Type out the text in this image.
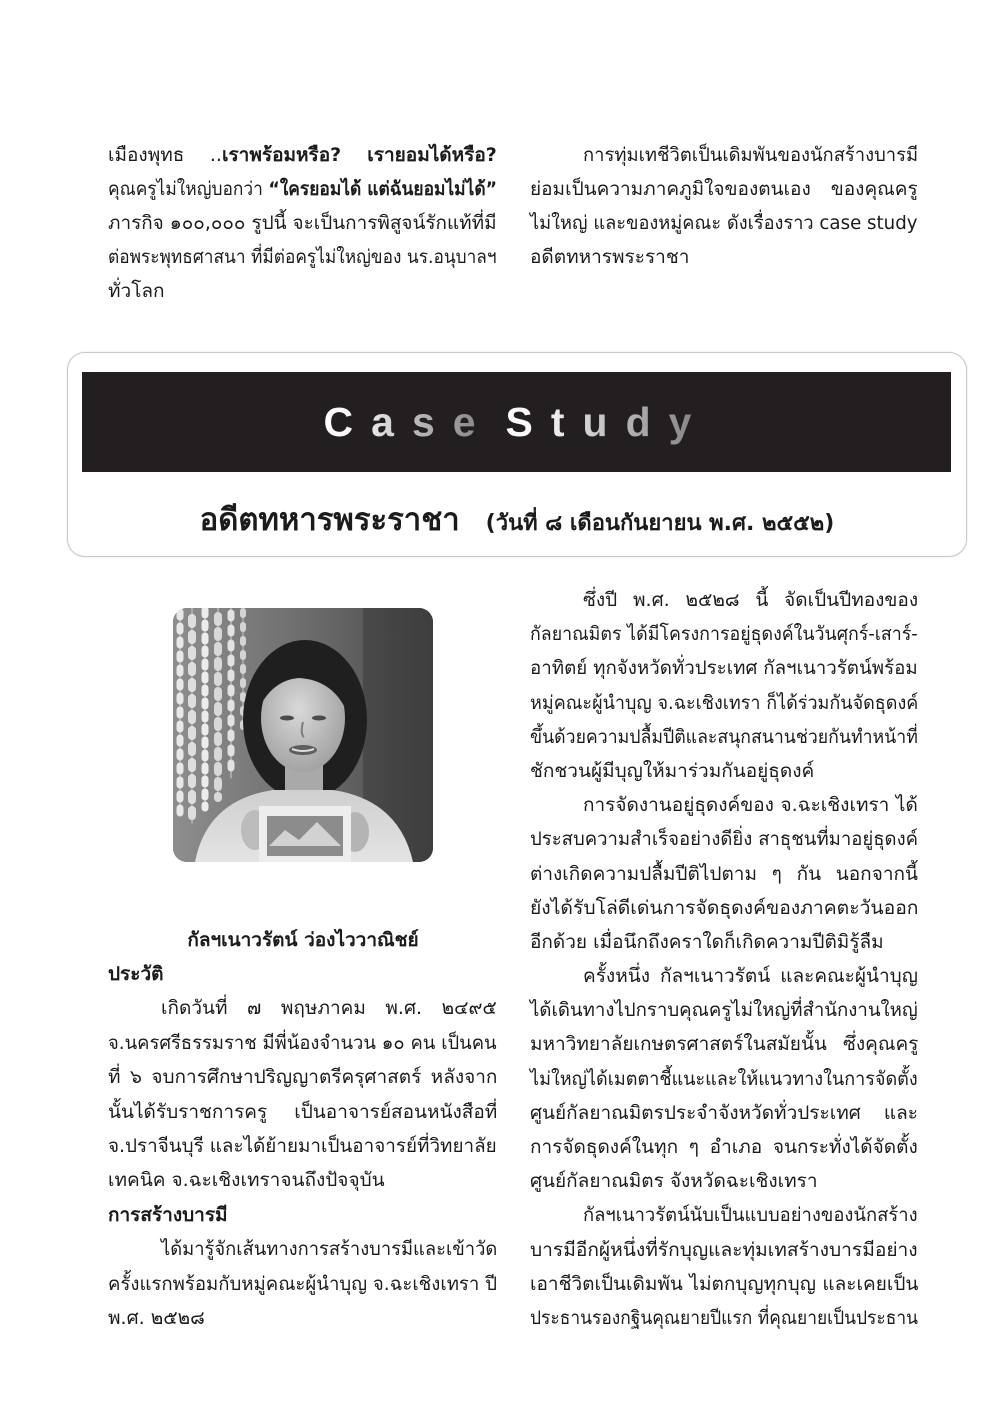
เมืองพุทธ ..เราพร้อมหรือ? เรายอมได้หรือ?
คุณครูไม่ใหญ่บอกว่า “ใครยอมได้ แต่ฉันยอมไม่ได้”
ภารกิจ ๑๐๐,๐๐๐ รูปนี้ จะเป็นการพิสูจน์รักแท้ที่มี
ต่อพระพุทธศาสนา ที่มีต่อครูไม่ใหญ่ของ นร.อนุบาลฯ
ทั่วโลก
การทุ่มเทชีวิตเป็นเดิมพันของนักสร้างบารมี
ย่อมเป็นความภาคภูมิใจของตนเอง ของคุณครู
ไม่ใหญ่ และของหมู่คณะ ดังเรื่องราว case study
อดีตทหารพระราชา
Case Study
อดีตทหารพระราชา (วันที่ ๘ เดือนกันยายน พ.ศ. ๒๕๕๒)
กัลฯเนาวรัตน์ ว่องไววาณิชย์
ประวัติ
เกิดวันที่ ๗ พฤษภาคม พ.ศ. ๒๔๙๕
จ.นครศรีธรรมราช มีพี่น้องจำนวน ๑๐ คน เป็นคน
ที่ ๖ จบการศึกษาปริญญาตรีครุศาสตร์ หลังจาก
นั้นได้รับราชการครู เป็นอาจารย์สอนหนังสือที่
จ.ปราจีนบุรี และได้ย้ายมาเป็นอาจารย์ที่วิทยาลัย
เทคนิค จ.ฉะเชิงเทราจนถึงปัจจุบัน
การสร้างบารมี
ได้มารู้จักเส้นทางการสร้างบารมีและเข้าวัด
ครั้งแรกพร้อมกับหมู่คณะผู้นำบุญ จ.ฉะเชิงเทรา ปี
พ.ศ. ๒๕๒๘
ซึ่งปี พ.ศ. ๒๕๒๘ นี้ จัดเป็นปีทองของ
กัลยาณมิตร ได้มีโครงการอยู่ธุดงค์ในวันศุกร์-เสาร์-
อาทิตย์ ทุกจังหวัดทั่วประเทศ กัลฯเนาวรัตน์พร้อม
หมู่คณะผู้นำบุญ จ.ฉะเชิงเทรา ก็ได้ร่วมกันจัดธุดงค์
ขึ้นด้วยความปลื้มปีติและสนุกสนานช่วยกันทำหน้าที่
ชักชวนผู้มีบุญให้มาร่วมกันอยู่ธุดงค์
การจัดงานอยู่ธุดงค์ของ จ.ฉะเชิงเทรา ได้
ประสบความสำเร็จอย่างดียิ่ง สาธุชนที่มาอยู่ธุดงค์
ต่างเกิดความปลื้มปีติไปตาม ๆ กัน นอกจากนี้
ยังได้รับโล่ดีเด่นการจัดธุดงค์ของภาคตะวันออก
อีกด้วย เมื่อนึกถึงคราใดก็เกิดความปีติมิรู้ลืม
ครั้งหนึ่ง กัลฯเนาวรัตน์ และคณะผู้นำบุญ
ได้เดินทางไปกราบคุณครูไม่ใหญ่ที่สำนักงานใหญ่
มหาวิทยาลัยเกษตรศาสตร์ในสมัยนั้น ซึ่งคุณครู
ไม่ใหญ่ได้เมตตาชี้แนะและให้แนวทางในการจัดตั้ง
ศูนย์กัลยาณมิตรประจำจังหวัดทั่วประเทศ และ
การจัดธุดงค์ในทุก ๆ อำเภอ จนกระทั่งได้จัดตั้ง
ศูนย์กัลยาณมิตร จังหวัดฉะเชิงเทรา
กัลฯเนาวรัตน์นับเป็นแบบอย่างของนักสร้าง
บารมีอีกผู้หนึ่งที่รักบุญและทุ่มเทสร้างบารมีอย่าง
เอาชีวิตเป็นเดิมพัน ไม่ตกบุญทุกบุญ และเคยเป็น
ประธานรองกฐินคุณยายปีแรก ที่คุณยายเป็นประธาน
